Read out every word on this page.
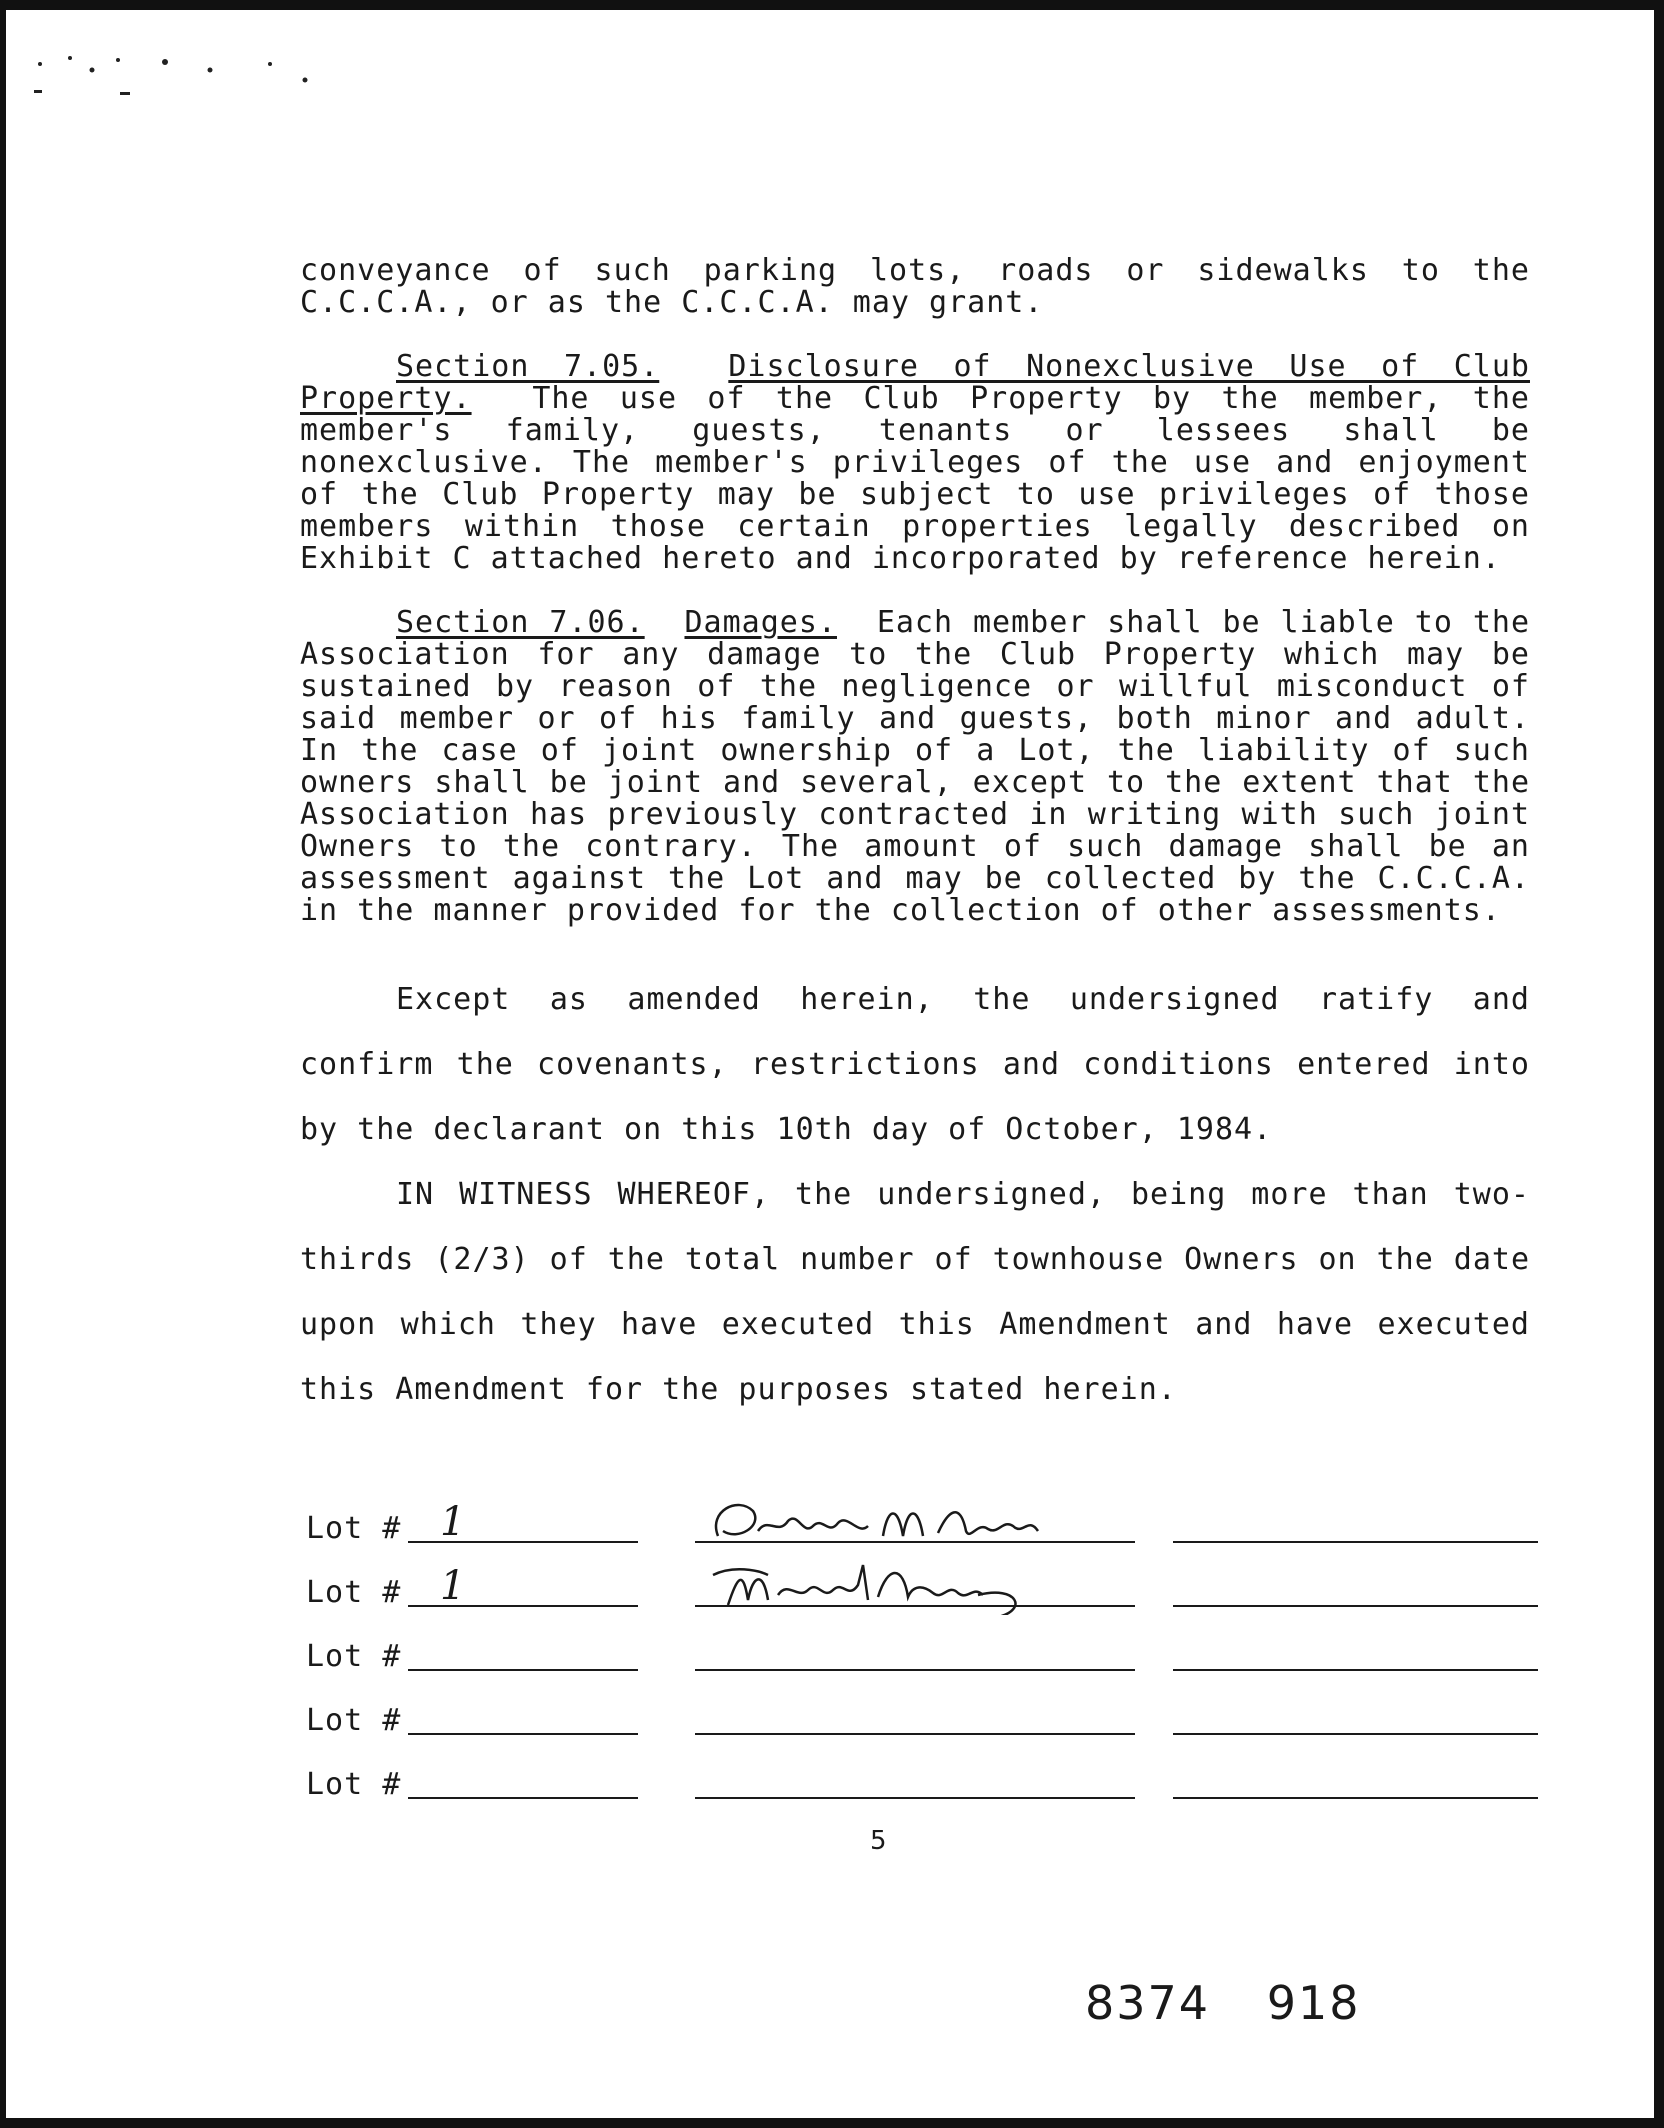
conveyance of such parking lots, roads or sidewalks to the C.C.C.A., or as the C.C.C.A. may grant.

Section 7.05. Disclosure of Nonexclusive Use of Club Property. The use of the Club Property by the member, the member's family, guests, tenants or lessees shall be nonexclusive. The member's privileges of the use and enjoyment of the Club Property may be subject to use privileges of those members within those certain properties legally described on Exhibit C attached hereto and incorporated by reference herein.

Section 7.06. Damages. Each member shall be liable to the Association for any damage to the Club Property which may be sustained by reason of the negligence or willful misconduct of said member or of his family and guests, both minor and adult. In the case of joint ownership of a Lot, the liability of such owners shall be joint and several, except to the extent that the Association has previously contracted in writing with such joint Owners to the contrary. The amount of such damage shall be an assessment against the Lot and may be collected by the C.C.C.A. in the manner provided for the collection of other assessments.

Except as amended herein, the undersigned ratify and confirm the covenants, restrictions and conditions entered into by the declarant on this 10th day of October, 1984.

IN WITNESS WHEREOF, the undersigned, being more than two-thirds (2/3) of the total number of townhouse Owners on the date upon which they have executed this Amendment and have executed this Amendment for the purposes stated herein.

Lot # 1
Lot # 1
Lot #
Lot #
Lot #
5
8374 918
